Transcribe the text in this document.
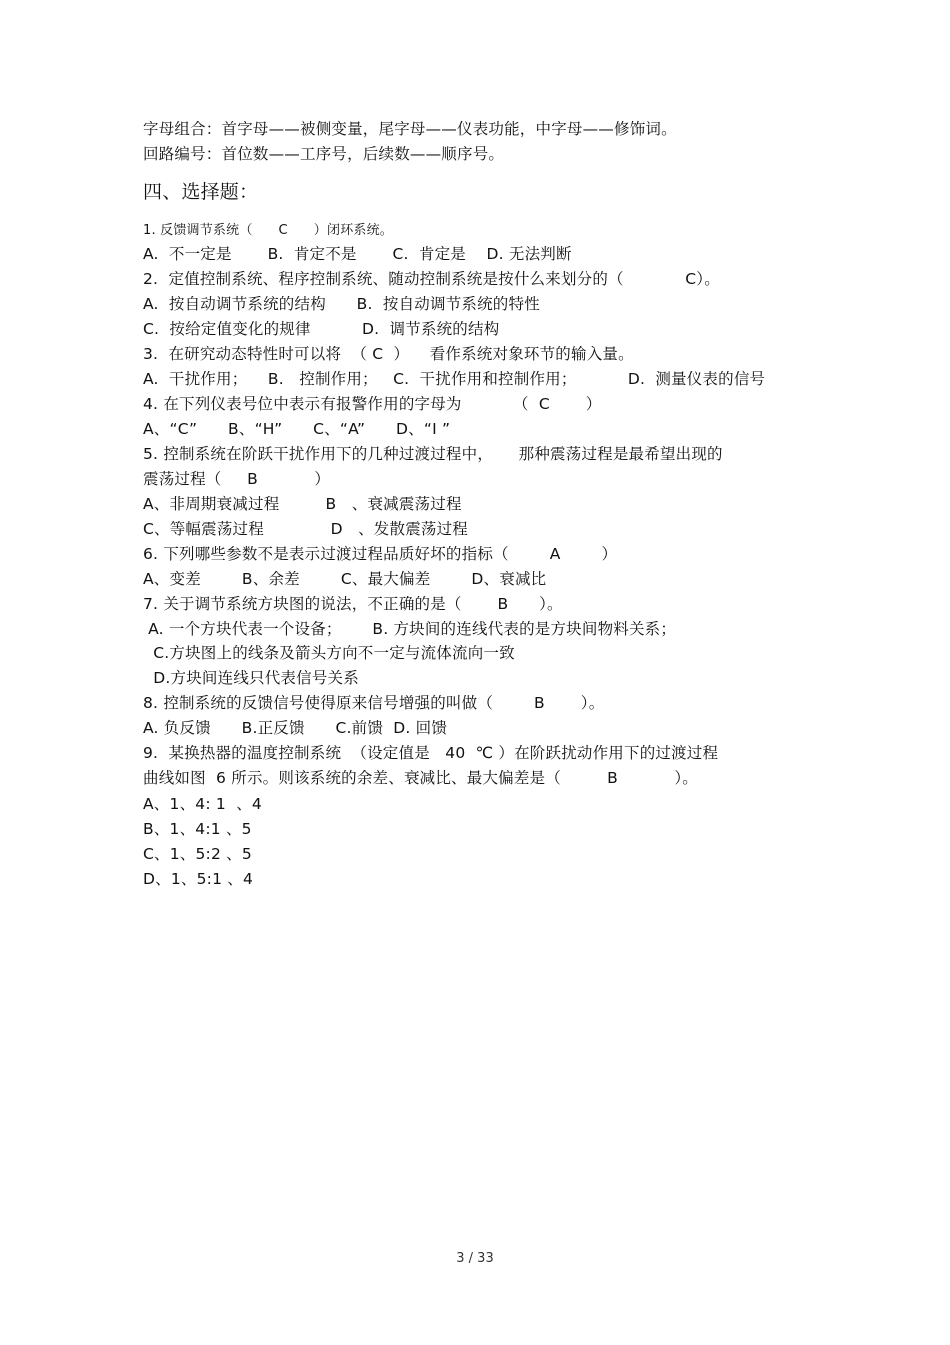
字母组合：首字母——被侧变量，尾字母——仪表功能，中字母——修饰词。
回路编号：首位数——工序号，后续数——顺序号。
四、选择题：
1. 反馈调节系统（      C      ）闭环系统。
A.  不一定是       B.  肯定不是       C.  肯定是    D. 无法判断
2.  定值控制系统、程序控制系统、随动控制系统是按什么来划分的（            C）。
A.  按自动调节系统的结构      B.  按自动调节系统的特性
C.  按给定值变化的规律          D.  调节系统的结构
3.  在研究动态特性时可以将  （ C  ）    看作系统对象环节的输入量。
A.  干扰作用；    B.   控制作用；   C.  干扰作用和控制作用；          D.  测量仪表的信号
4. 在下列仪表号位中表示有报警作用的字母为          （  C       ）
A、“C”      B、“H”      C、“A”      D、“I ”
5. 控制系统在阶跃干扰作用下的几种过渡过程中，     那种震荡过程是最希望出现的
震荡过程（     B           ）
A、非周期衰减过程         B   、衰减震荡过程
C、等幅震荡过程             D   、发散震荡过程
6. 下列哪些参数不是表示过渡过程品质好坏的指标（        A        ）
A、变差        B、余差        C、最大偏差        D、衰减比
7. 关于调节系统方块图的说法，不正确的是（       B      ）。
A. 一个方块代表一个设备；      B. 方块间的连线代表的是方块间物料关系；
C.方块图上的线条及箭头方向不一定与流体流向一致
D.方块间连线只代表信号关系
8. 控制系统的反馈信号使得原来信号增强的叫做（        B       ）。
A. 负反馈      B.正反馈      C.前馈  D. 回馈
9.  某换热器的温度控制系统  （设定值是   40  ℃ ）在阶跃扰动作用下的过渡过程
曲线如图  6 所示。则该系统的余差、衰减比、最大偏差是（         B           ）。
A、1、4: 1  、4
B、1、4:1 、5
C、1、5:2 、5
D、1、5:1 、4
3 / 33
